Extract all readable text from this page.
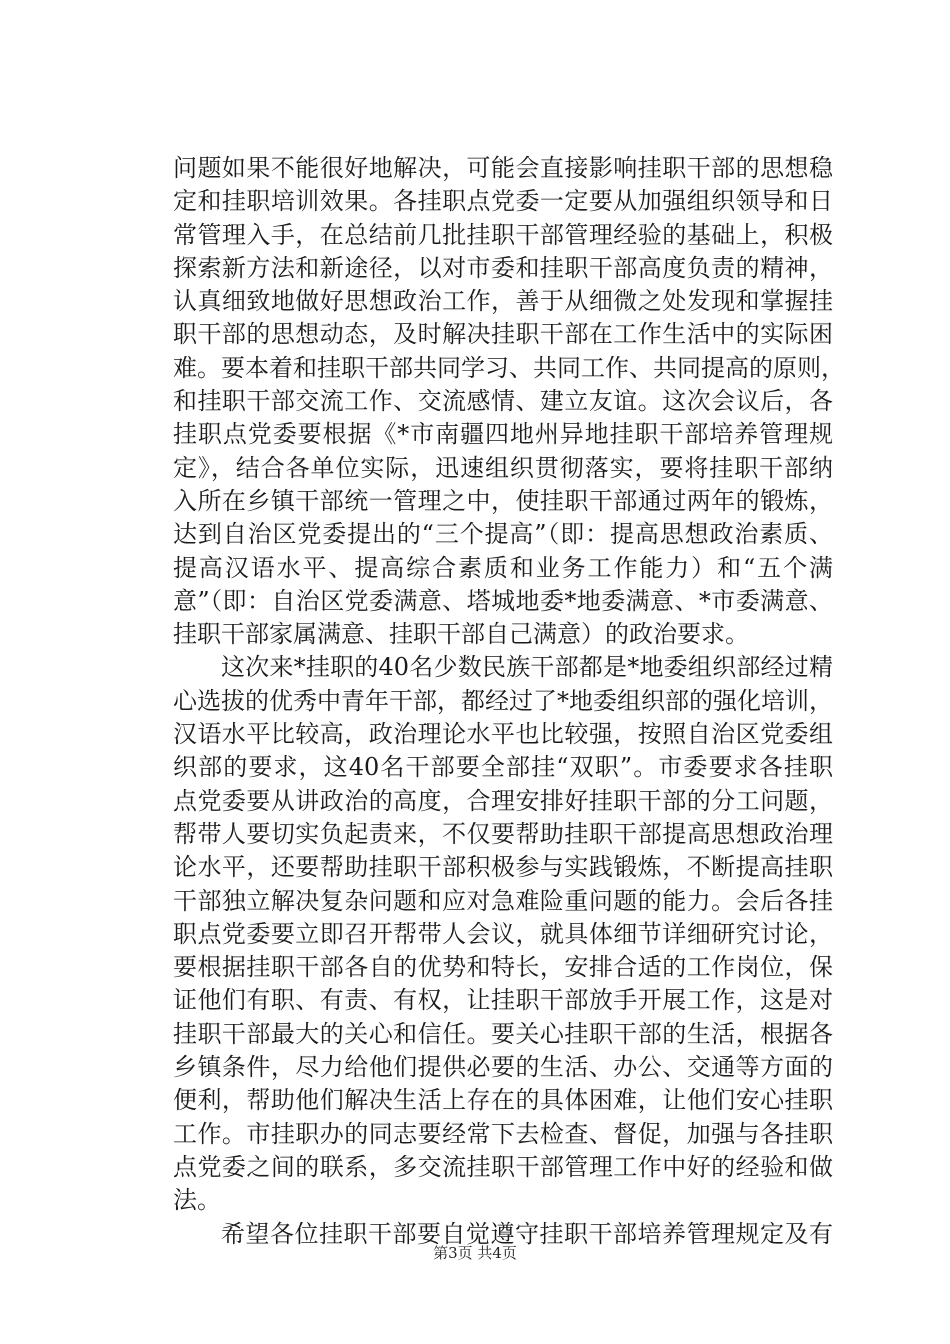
问题如果不能很好地解决，可能会直接影响挂职干部的思想稳
定和挂职培训效果。各挂职点党委一定要从加强组织领导和日
常管理入手，在总结前几批挂职干部管理经验的基础上，积极
探索新方法和新途径，以对市委和挂职干部高度负责的精神，
认真细致地做好思想政治工作，善于从细微之处发现和掌握挂
职干部的思想动态，及时解决挂职干部在工作生活中的实际困
难。要本着和挂职干部共同学习、共同工作、共同提高的原则，
和挂职干部交流工作、交流感情、建立友谊。这次会议后，各
挂职点党委要根据《*市南疆四地州异地挂职干部培养管理规
定》，结合各单位实际，迅速组织贯彻落实，要将挂职干部纳
入所在乡镇干部统一管理之中，使挂职干部通过两年的锻炼，
达到自治区党委提出的“三个提高”（即：提高思想政治素质、
提高汉语水平、提高综合素质和业务工作能力）和“五个满
意”（即：自治区党委满意、塔城地委*地委满意、*市委满意、
挂职干部家属满意、挂职干部自己满意）的政治要求。
这次来*挂职的40名少数民族干部都是*地委组织部经过精
心选拔的优秀中青年干部，都经过了*地委组织部的强化培训，
汉语水平比较高，政治理论水平也比较强，按照自治区党委组
织部的要求，这40名干部要全部挂“双职”。市委要求各挂职
点党委要从讲政治的高度，合理安排好挂职干部的分工问题，
帮带人要切实负起责来，不仅要帮助挂职干部提高思想政治理
论水平，还要帮助挂职干部积极参与实践锻炼，不断提高挂职
干部独立解决复杂问题和应对急难险重问题的能力。会后各挂
职点党委要立即召开帮带人会议，就具体细节详细研究讨论，
要根据挂职干部各自的优势和特长，安排合适的工作岗位，保
证他们有职、有责、有权，让挂职干部放手开展工作，这是对
挂职干部最大的关心和信任。要关心挂职干部的生活，根据各
乡镇条件，尽力给他们提供必要的生活、办公、交通等方面的
便利，帮助他们解决生活上存在的具体困难，让他们安心挂职
工作。市挂职办的同志要经常下去检查、督促，加强与各挂职
点党委之间的联系，多交流挂职干部管理工作中好的经验和做
法。
希望各位挂职干部要自觉遵守挂职干部培养管理规定及有
第3页 共4页
